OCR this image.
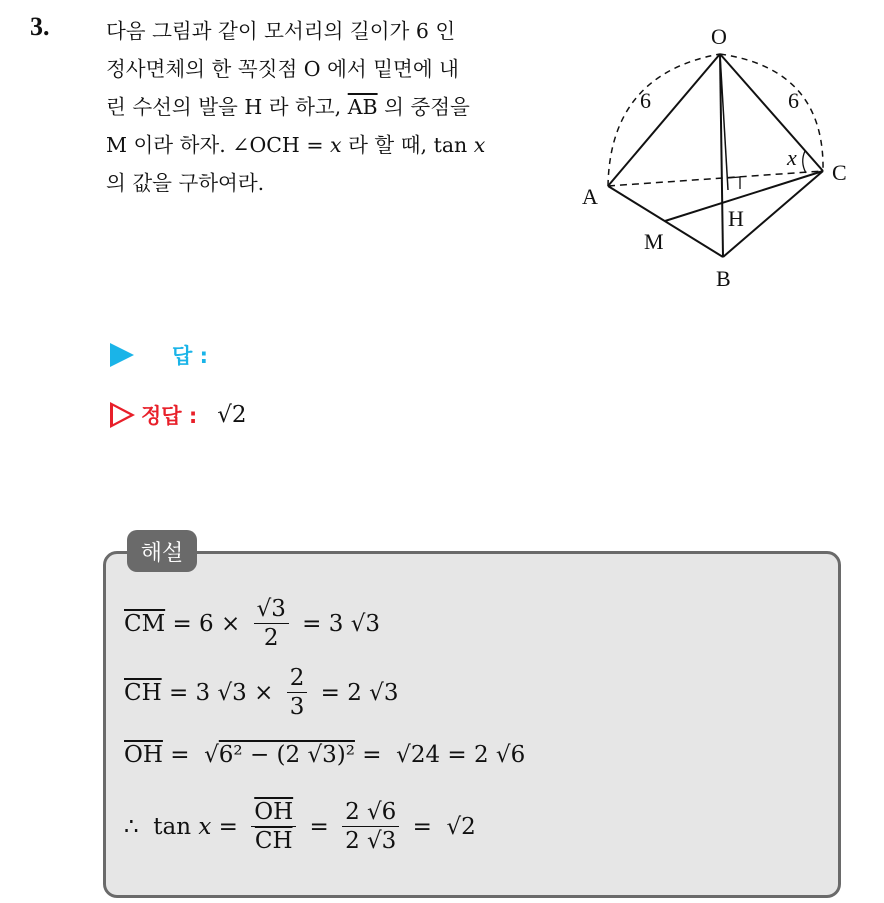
3.	다음 그림과 같이 모서리의 길이가 6 인
정사면체의 한 꼭짓점 O 에서 밑면에 내
린 수선의 발을 H 라 하고, $\overline{AB}$ 의 중점을
M 이라 하자. ∠OCH = x 라 할 때, tan x
의 값을 구하여라.
O
A
B
C
H
M
x
6	6
답 :
정답 : √2
해설
$\overline{CM} = 6 \times \frac{√3}{2} = 3$ √3
$\overline{CH} = 3$ $√3 \times \frac{2}{3} = 2$ √3
$\overline{OH}$ =  √ 6² − (2 √3)² =  √24 = 2 √6
∴  $\tan x = \frac{\overline{OH}}{CH} = \frac{2 √6}{2 √3} = √2$
